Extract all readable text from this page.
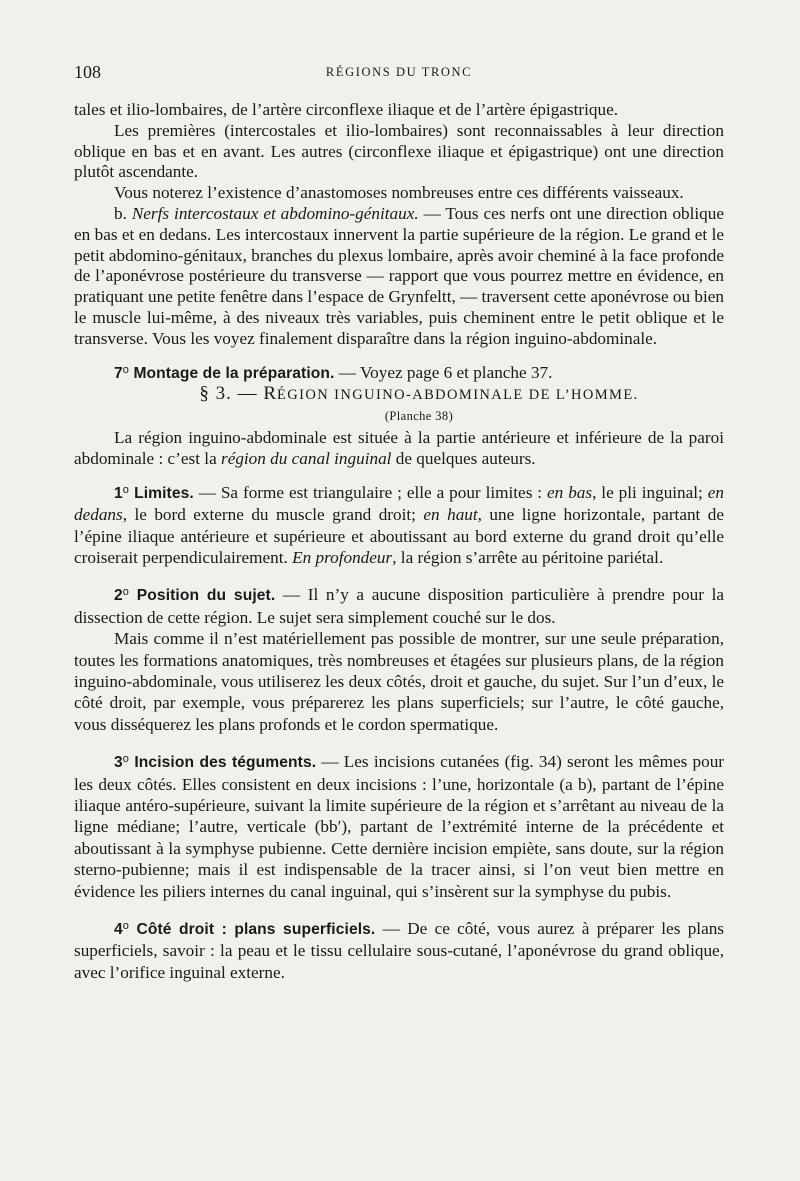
108	RÉGIONS DU TRONC

tales et ilio-lombaires, de l’artère circonflexe iliaque et de l’artère épigastrique.

Les premières (intercostales et ilio-lombaires) sont reconnaissables à leur direction oblique en bas et en avant. Les autres (circonflexe iliaque et épigastrique) ont une direction plutôt ascendante.

Vous noterez l’existence d’anastomoses nombreuses entre ces différents vaisseaux.

b. Nerfs intercostaux et abdomino-génitaux. — Tous ces nerfs ont une direction oblique en bas et en dedans. Les intercostaux innervent la partie supérieure de la région. Le grand et le petit abdomino-génitaux, branches du plexus lombaire, après avoir cheminé à la face profonde de l’aponévrose postérieure du transverse — rapport que vous pourrez mettre en évidence, en pratiquant une petite fenêtre dans l’espace de Grynfeltt, — traversent cette aponévrose ou bien le muscle lui-même, à des niveaux très variables, puis cheminent entre le petit oblique et le transverse. Vous les voyez finalement disparaître dans la région inguino-abdominale.

7$^o$ Montage de la préparation. — Voyez page 6 et planche 37.

§ 3. — RÉGION INGUINO-ABDOMINALE DE L’HOMME.

(Planche 38)

La région inguino-abdominale est située à la partie antérieure et inférieure de la paroi abdominale : c’est la région du canal inguinal de quelques auteurs.

1$^o$ Limites. — Sa forme est triangulaire ; elle a pour limites : en bas, le pli inguinal; en dedans, le bord externe du muscle grand droit; en haut, une ligne horizontale, partant de l’épine iliaque antérieure et supérieure et aboutissant au bord externe du grand droit qu’elle croiserait perpendiculairement. En profondeur, la région s’arrête au péritoine pariétal.

2$^o$ Position du sujet. — Il n’y a aucune disposition particulière à prendre pour la dissection de cette région. Le sujet sera simplement couché sur le dos.

Mais comme il n’est matériellement pas possible de montrer, sur une seule préparation, toutes les formations anatomiques, très nombreuses et étagées sur plusieurs plans, de la région inguino-abdominale, vous utiliserez les deux côtés, droit et gauche, du sujet. Sur l’un d’eux, le côté droit, par exemple, vous préparerez les plans superficiels; sur l’autre, le côté gauche, vous disséquerez les plans profonds et le cordon spermatique.

3$^o$ Incision des téguments. — Les incisions cutanées (fig. 34) seront les mêmes pour les deux côtés. Elles consistent en deux incisions : l’une, horizontale (a b), partant de l’épine iliaque antéro-supérieure, suivant la limite supérieure de la région et s’arrêtant au niveau de la ligne médiane; l’autre, verticale (bb′), partant de l’extrémité interne de la précédente et aboutissant à la symphyse pubienne. Cette dernière incision empiète, sans doute, sur la région sterno-pubienne; mais il est indispensable de la tracer ainsi, si l’on veut bien mettre en évidence les piliers internes du canal inguinal, qui s’insèrent sur la symphyse du pubis.

4$^o$ Côté droit : plans superficiels. — De ce côté, vous aurez à préparer les plans superficiels, savoir : la peau et le tissu cellulaire sous-cutané, l’aponévrose du grand oblique, avec l’orifice inguinal externe.
